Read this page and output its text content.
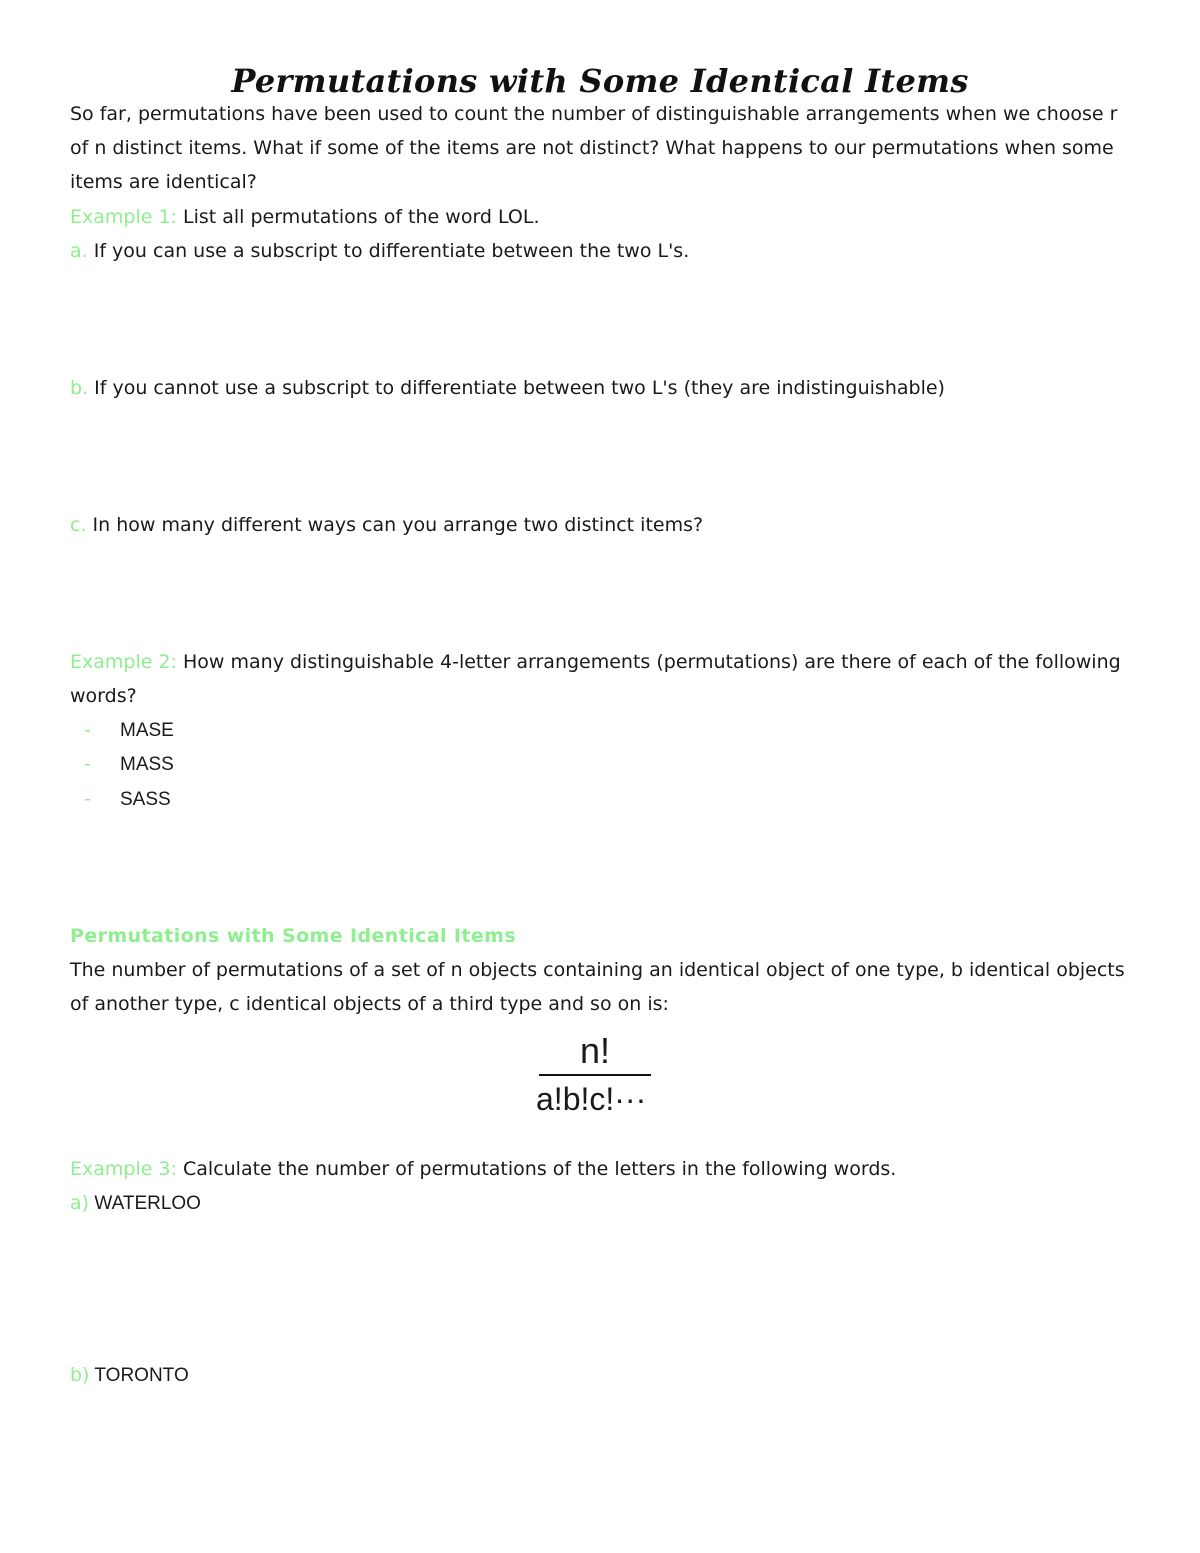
Permutations with Some Identical Items
So far, permutations have been used to count the number of distinguishable arrangements when we choose r of n distinct items. What if some of the items are not distinct? What happens to our permutations when some items are identical?
Example 1: List all permutations of the word LOL.
a. If you can use a subscript to differentiate between the two L's.
b. If you cannot use a subscript to differentiate between two L's (they are indistinguishable)
c. In how many different ways can you arrange two distinct items?
Example 2: How many distinguishable 4-letter arrangements (permutations) are there of each of the following words?
- MASE
- MASS
- SASS
Permutations with Some Identical Items
The number of permutations of a set of n objects containing an identical object of one type, b identical objects of another type, c identical objects of a third type and so on is:
n!
a!b!c!···
Example 3: Calculate the number of permutations of the letters in the following words.
a) WATERLOO
b) TORONTO
